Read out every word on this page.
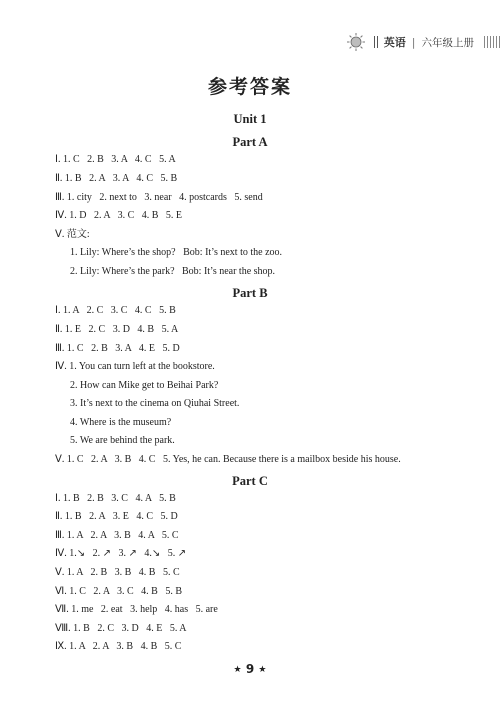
英语 | 六年级上册
参考答案
Unit 1
Part A
Ⅰ. 1. C   2. B   3. A   4. C   5. A
Ⅱ. 1. B   2. A   3. A   4. C   5. B
Ⅲ. 1. city   2. next to   3. near   4. postcards   5. send
Ⅳ. 1. D   2. A   3. C   4. B   5. E
Ⅴ. 范文:
1. Lily: Where’s the shop?   Bob: It’s next to the zoo.
2. Lily: Where’s the park?   Bob: It’s near the shop.
Part B
Ⅰ. 1. A   2. C   3. C   4. C   5. B
Ⅱ. 1. E   2. C   3. D   4. B   5. A
Ⅲ. 1. C   2. B   3. A   4. E   5. D
Ⅳ. 1. You can turn left at the bookstore.
2. How can Mike get to Beihai Park?
3. It’s next to the cinema on Qiuhai Street.
4. Where is the museum?
5. We are behind the park.
Ⅴ. 1. C   2. A   3. B   4. C   5. Yes, he can. Because there is a mailbox beside his house.
Part C
Ⅰ. 1. B   2. B   3. C   4. A   5. B
Ⅱ. 1. B   2. A   3. E   4. C   5. D
Ⅲ. 1. A   2. A   3. B   4. A   5. C
Ⅳ. 1.↘   2. ↗   3. ↗   4.↘   5. ↗
Ⅴ. 1. A   2. B   3. B   4. B   5. C
Ⅵ. 1. C   2. A   3. C   4. B   5. B
Ⅶ. 1. me   2. eat   3. help   4. has   5. are
Ⅷ. 1. B   2. C   3. D   4. E   5. A
Ⅸ. 1. A   2. A   3. B   4. B   5. C
★ 9 ★
